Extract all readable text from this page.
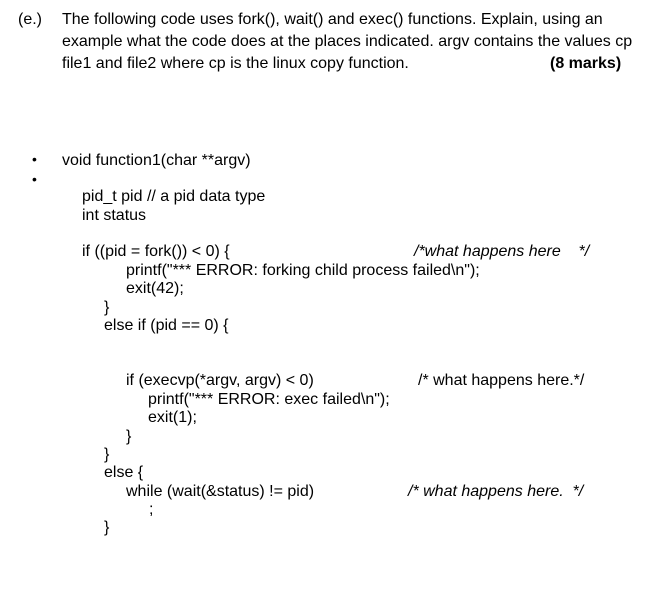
(e.) The following code uses fork(), wait() and exec() functions. Explain, using an
example what the code does at the places indicated. argv contains the values cp
file1 and file2 where cp is the linux copy function.	(8 marks)
•
•
void function1(char **argv)
pid_t pid // a pid data type
int status
if ((pid = fork()) < 0) {	/*what happens here    */
printf("*** ERROR: forking child process failed\n");
exit(42);
}
else if (pid == 0) {
if (execvp(*argv, argv) < 0)	/* what happens here.*/
printf("*** ERROR: exec failed\n");
exit(1);
}
}
else {
while (wait(&status) != pid)	/* what happens here.  */
;
}
